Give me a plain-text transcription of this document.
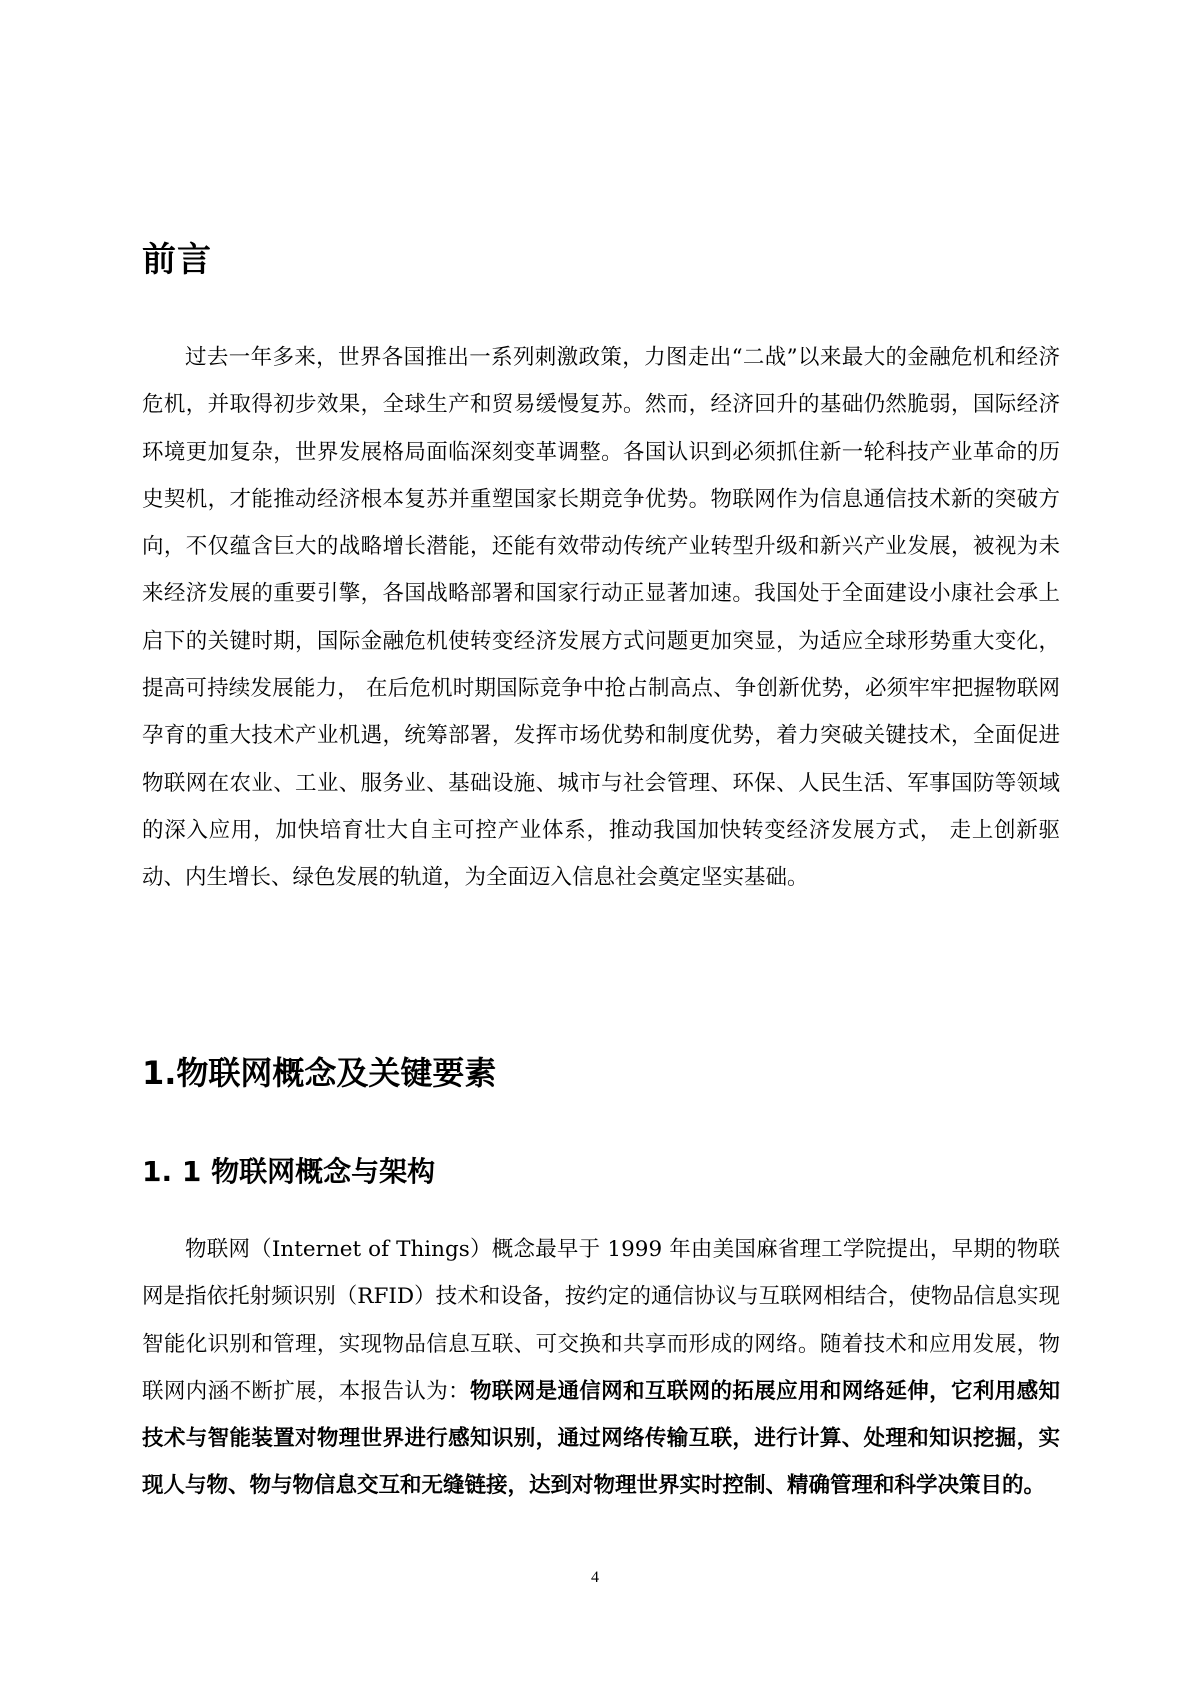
前言

过去一年多来，世界各国推出一系列刺激政策，力图走出“二战”以来最大的金融危机和经济危机，并取得初步效果，全球生产和贸易缓慢复苏。然而，经济回升的基础仍然脆弱，国际经济环境更加复杂，世界发展格局面临深刻变革调整。各国认识到必须抓住新一轮科技产业革命的历史契机，才能推动经济根本复苏并重塑国家长期竞争优势。物联网作为信息通信技术新的突破方向，不仅蕴含巨大的战略增长潜能，还能有效带动传统产业转型升级和新兴产业发展，被视为未来经济发展的重要引擎，各国战略部署和国家行动正显著加速。我国处于全面建设小康社会承上启下的关键时期，国际金融危机使转变经济发展方式问题更加突显，为适应全球形势重大变化，提高可持续发展能力， 在后危机时期国际竞争中抢占制高点、争创新优势，必须牢牢把握物联网孕育的重大技术产业机遇，统筹部署，发挥市场优势和制度优势，着力突破关键技术，全面促进物联网在农业、工业、服务业、基础设施、城市与社会管理、环保、人民生活、军事国防等领域的深入应用，加快培育壮大自主可控产业体系，推动我国加快转变经济发展方式， 走上创新驱动、内生增长、绿色发展的轨道，为全面迈入信息社会奠定坚实基础。

1.物联网概念及关键要素
1. 1 物联网概念与架构

物联网（Internet of Things）概念最早于 1999 年由美国麻省理工学院提出，早期的物联网是指依托射频识别（RFID）技术和设备，按约定的通信协议与互联网相结合，使物品信息实现智能化识别和管理，实现物品信息互联、可交换和共享而形成的网络。随着技术和应用发展，物联网内涵不断扩展，本报告认为：物联网是通信网和互联网的拓展应用和网络延伸，它利用感知技术与智能装置对物理世界进行感知识别，通过网络传输互联，进行计算、处理和知识挖掘，实现人与物、物与物信息交互和无缝链接，达到对物理世界实时控制、精确管理和科学决策目的。

4
